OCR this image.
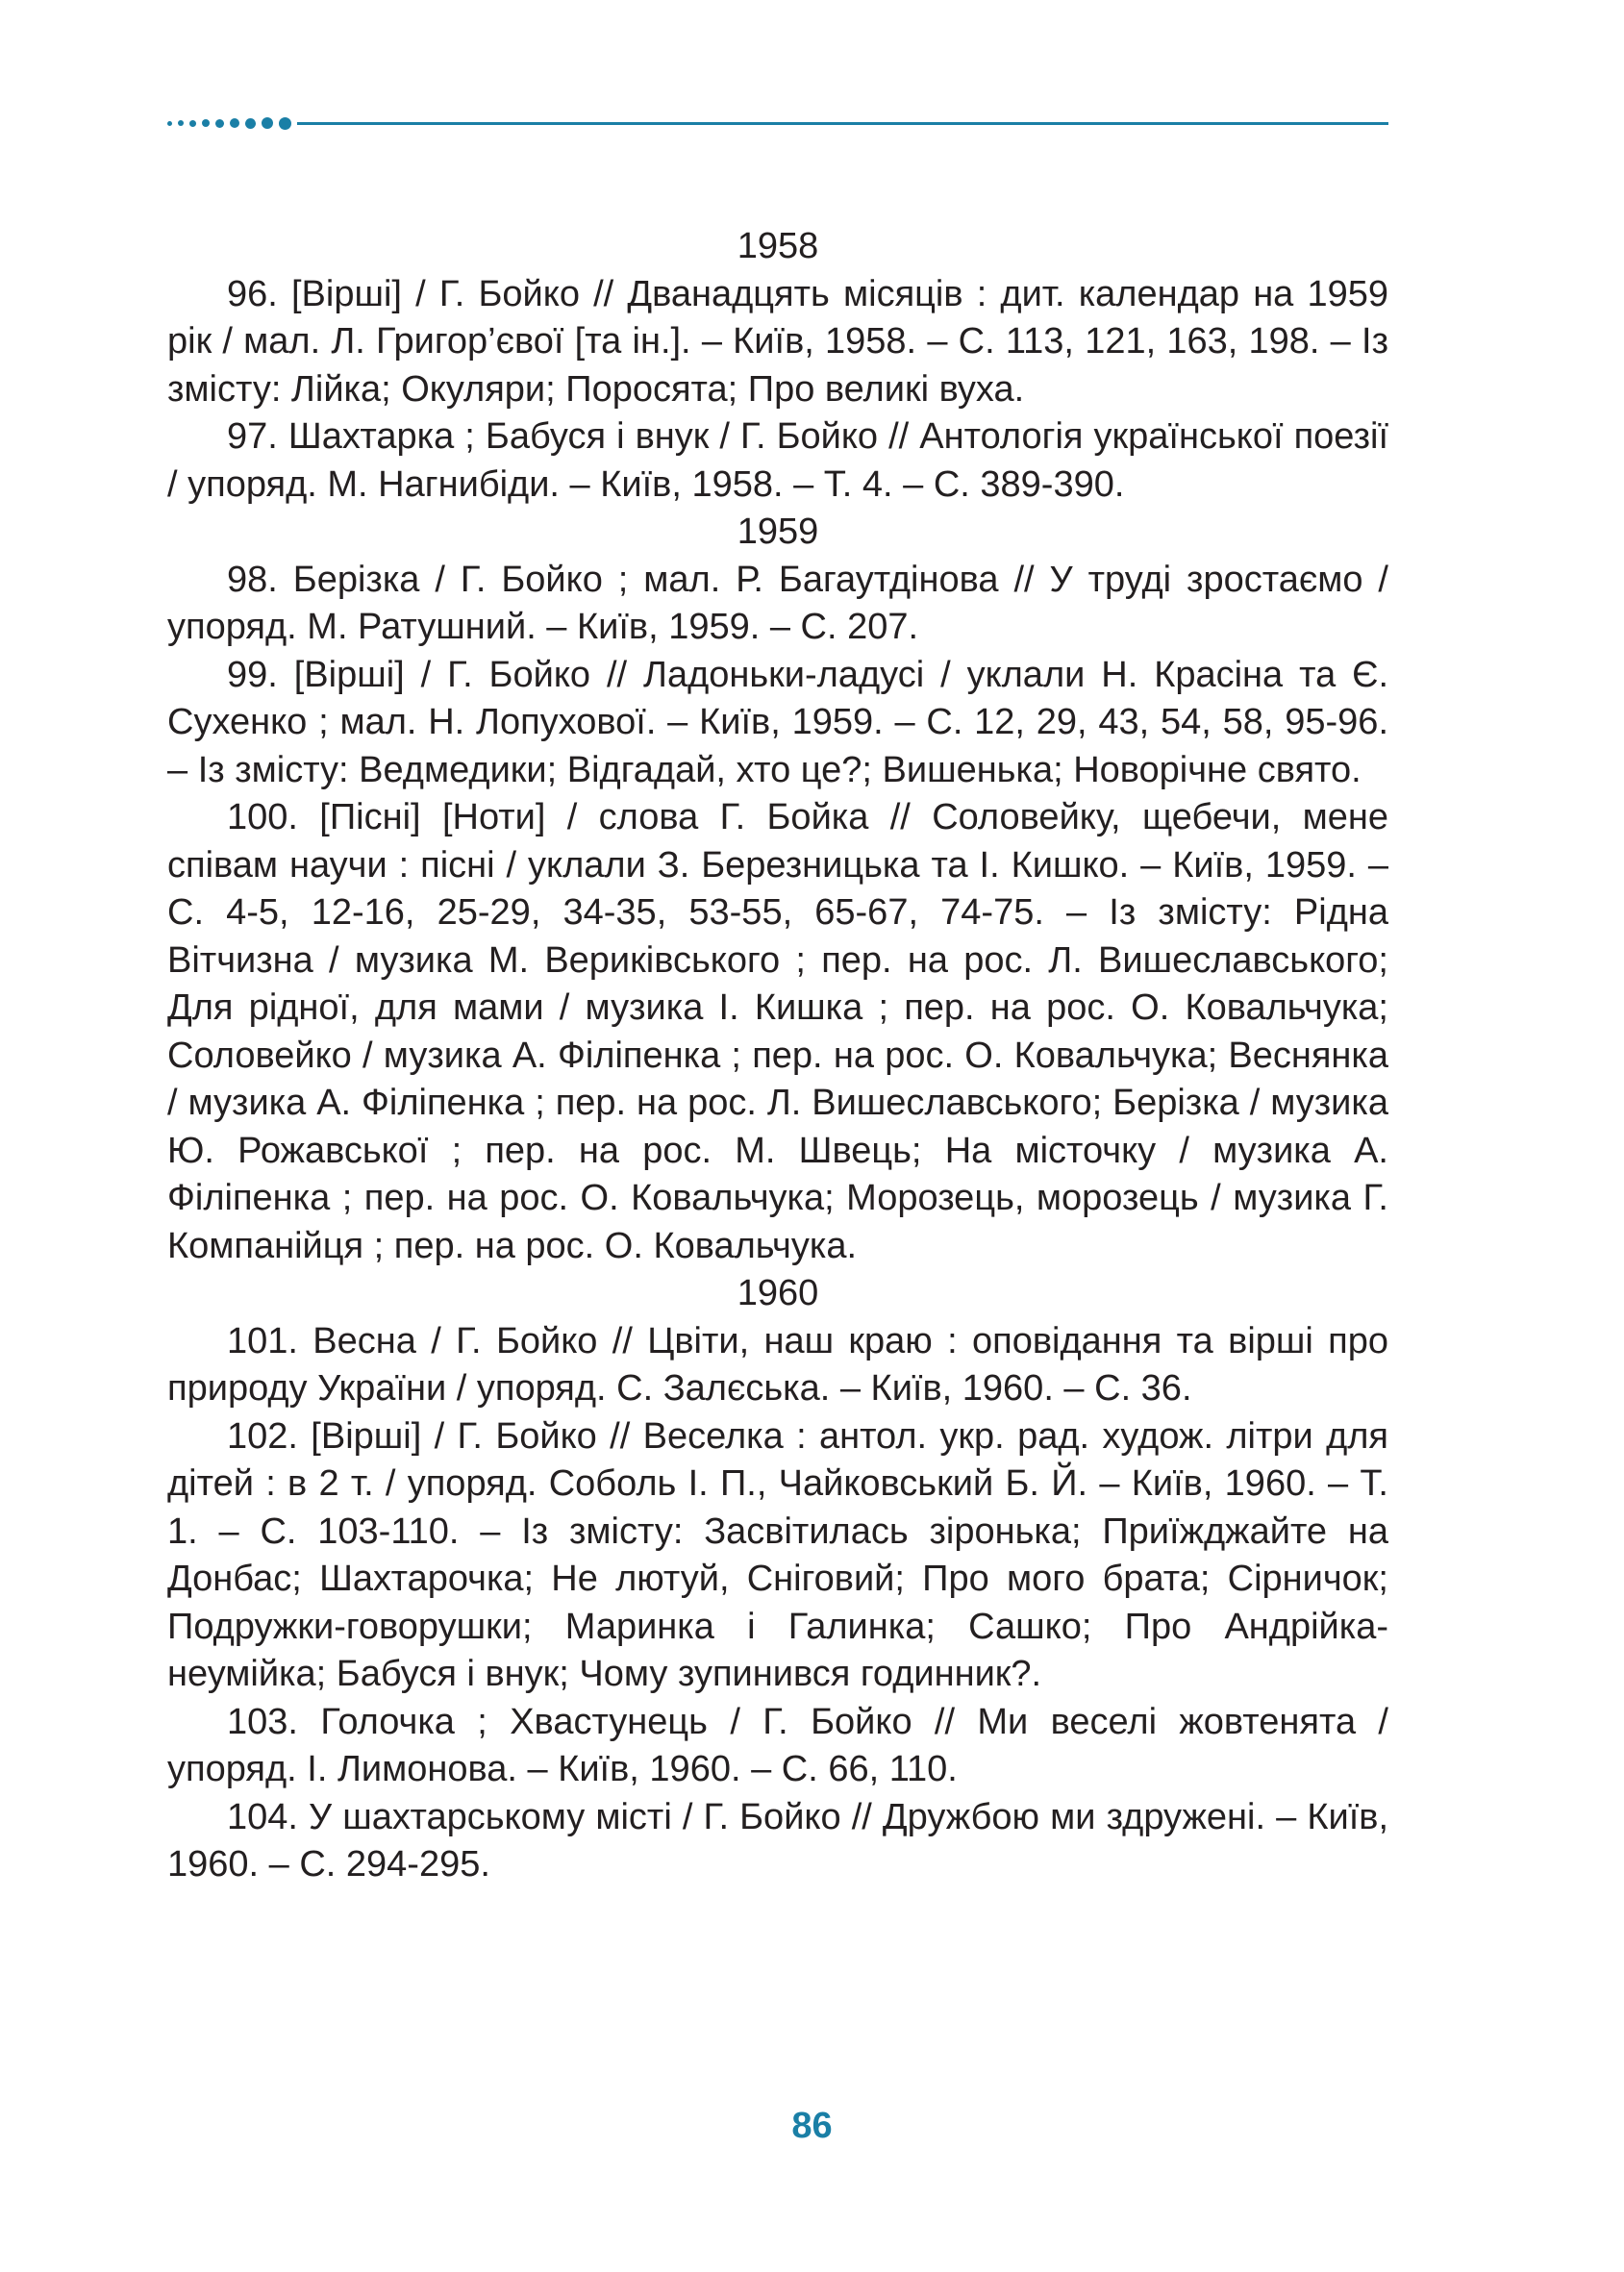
1958

96. [Вірші] / Г. Бойко // Дванадцять місяців : дит. календар на 1959 рік / мал. Л. Григор’євої [та ін.]. – Київ, 1958. – С. 113, 121, 163, 198. – Із змісту: Лійка; Окуляри; Поросята; Про великі вуха.

97. Шахтарка ; Бабуся і внук / Г. Бойко // Антологія української поезії / упоряд. М. Нагнибіди. – Київ, 1958. – Т. 4. – С. 389-390.

1959

98. Берізка / Г. Бойко ; мал. Р. Багаутдінова // У труді зростаємо / упоряд. М. Ратушний. – Київ, 1959. – С. 207.

99. [Вірші] / Г. Бойко // Ладоньки-ладусі / уклали Н. Красіна та Є. Сухенко ; мал. Н. Лопухової. – Київ, 1959. – С. 12, 29, 43, 54, 58, 95-96. – Із змісту: Ведмедики; Відгадай, хто це?; Вишенька; Новорічне свято.

100. [Пісні] [Ноти] / слова Г. Бойка // Соловейку, щебечи, мене співам научи : пісні / уклали З. Березницька та І. Кишко. – Київ, 1959. – С. 4-5, 12-16, 25-29, 34-35, 53-55, 65-67, 74-75. – Із змісту: Рідна Вітчизна / музика М. Вериківського ; пер. на рос. Л. Вишеславського; Для рідної, для мами / музика І. Кишка ; пер. на рос. О. Ковальчука; Соловейко / музика А. Філіпенка ; пер. на рос. О. Ковальчука; Веснянка / музика А. Філіпенка ; пер. на рос. Л. Вишеславського; Берізка / музика Ю. Рожавської ; пер. на рос. М. Швець; На місточку / музика А. Філіпенка ; пер. на рос. О. Ковальчука; Морозець, морозець / музика Г. Компанійця ; пер. на рос. О. Ковальчука.

1960

101. Весна / Г. Бойко // Цвіти, наш краю : оповідання та вірші про природу України / упоряд. С. Залєська. – Київ, 1960. – С. 36.

102. [Вірші] / Г. Бойко // Веселка : антол. укр. рад. худож. літри для дітей : в 2 т. / упоряд. Соболь І. П., Чайковський Б. Й. – Київ, 1960. – Т. 1. – С. 103-110. – Із змісту: Засвітилась зіронька; Приїжджайте на Донбас; Шахтарочка; Не лютуй, Сніговий; Про мого брата; Сірничок; Подружки-говорушки; Маринка і Галинка; Сашко; Про Андрійка-неумійка; Бабуся і внук; Чому зупинився годинник?.

103. Голочка ; Хвастунець / Г. Бойко // Ми веселі жовтенята / упоряд. І. Лимонова. – Київ, 1960. – С. 66, 110.

104. У шахтарському місті / Г. Бойко // Дружбою ми здружені. – Київ, 1960. – С. 294-295.

86
